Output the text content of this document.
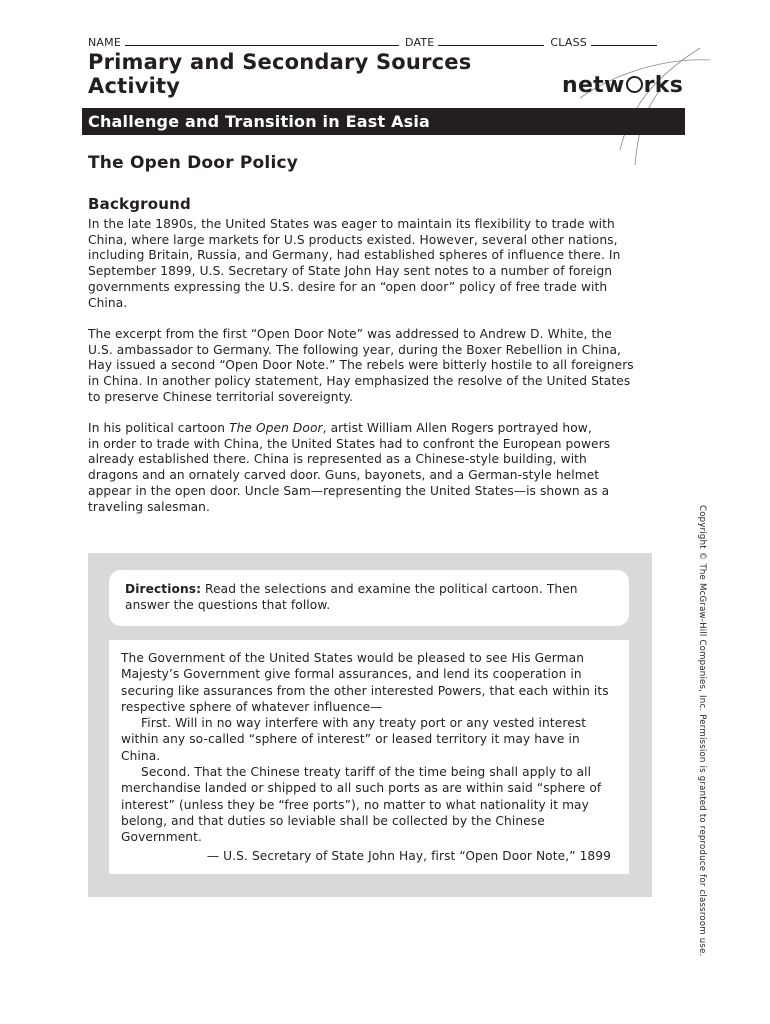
NAME	DATE	CLASS
Primary and Secondary Sources
Activity	netw rks
Challenge and Transition in East Asia
The Open Door Policy
Background
In the late 1890s, the United States was eager to maintain its flexibility to trade with
China, where large markets for U.S products existed. However, several other nations,
including Britain, Russia, and Germany, had established spheres of influence there. In
September 1899, U.S. Secretary of State John Hay sent notes to a number of foreign
governments expressing the U.S. desire for an “open door” policy of free trade with
China.
The excerpt from the first “Open Door Note” was addressed to Andrew D. White, the
U.S. ambassador to Germany. The following year, during the Boxer Rebellion in China,
Hay issued a second “Open Door Note.” The rebels were bitterly hostile to all foreigners
in China. In another policy statement, Hay emphasized the resolve of the United States
to preserve Chinese territorial sovereignty.
In his political cartoon The Open Door, artist William Allen Rogers portrayed how,
in order to trade with China, the United States had to confront the European powers
already established there. China is represented as a Chinese-style building, with
dragons and an ornately carved door. Guns, bayonets, and a German-style helmet
appear in the open door. Uncle Sam—representing the United States—is shown as a
traveling salesman.
Directions: Read the selections and examine the political cartoon. Then answer the questions that follow.

The Government of the United States would be pleased to see His German Majesty’s Government give formal assurances, and lend its cooperation in securing like assurances from the other interested Powers, that each within its respective sphere of whatever influence—

First. Will in no way interfere with any treaty port or any vested interest within any so-called “sphere of interest” or leased territory it may have in China.

Second. That the Chinese treaty tariff of the time being shall apply to all merchandise landed or shipped to all such ports as are within said “sphere of interest” (unless they be “free ports”), no matter to what nationality it may belong, and that duties so leviable shall be collected by the Chinese Government.

— U.S. Secretary of State John Hay, first “Open Door Note,” 1899	Copyright © The McGraw-Hill Companies, Inc. Permission is granted to reproduce for classroom use.
